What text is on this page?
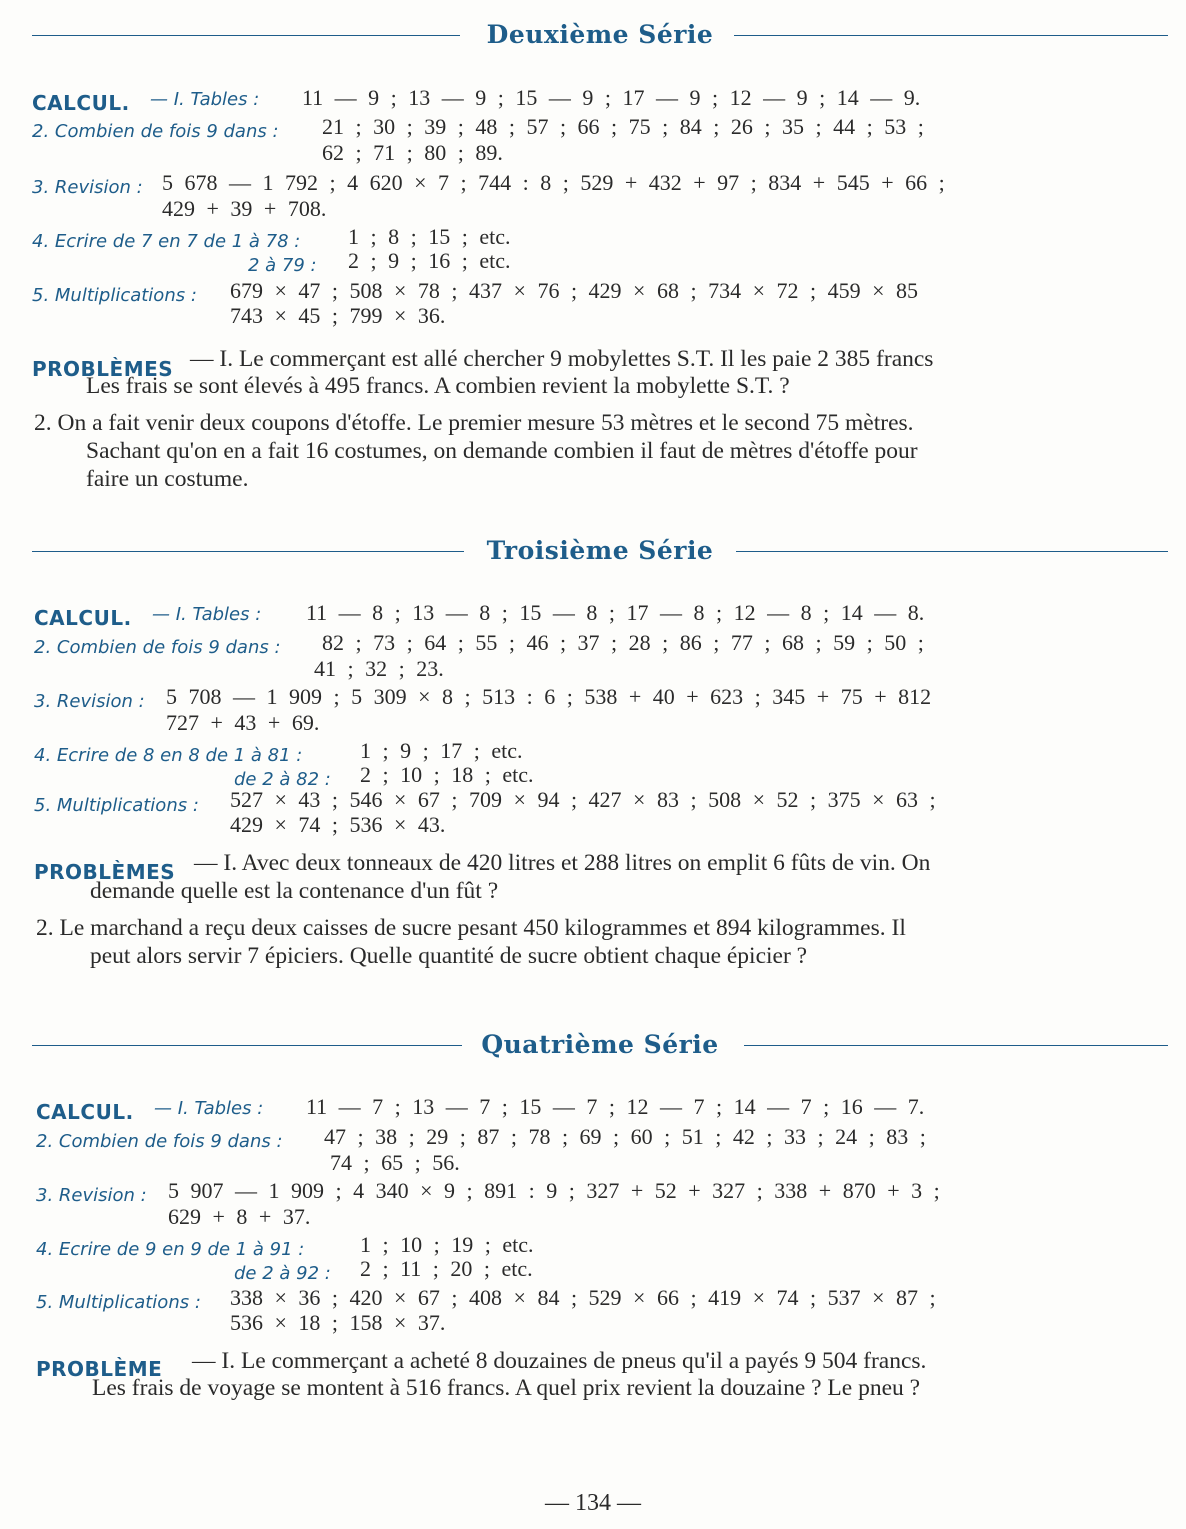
Deuxième Série
CALCUL. — I. Tables : 11 — 9 ; 13 — 9 ; 15 — 9 ; 17 — 9 ; 12 — 9 ; 14 — 9.
2. Combien de fois 9 dans : 21 ; 30 ; 39 ; 48 ; 57 ; 66 ; 75 ; 84 ; 26 ; 35 ; 44 ; 53 ;
62 ; 71 ; 80 ; 89.
3. Revision : 5 678 — 1 792 ; 4 620 × 7 ; 744 : 8 ; 529 + 432 + 97 ; 834 + 545 + 66 ;
429 + 39 + 708.
4. Ecrire de 7 en 7 de 1 à 78 : 1 ; 8 ; 15 ; etc.
2 à 79 : 2 ; 9 ; 16 ; etc.
5. Multiplications : 679 × 47 ; 508 × 78 ; 437 × 76 ; 429 × 68 ; 734 × 72 ; 459 × 85
743 × 45 ; 799 × 36.
PROBLÈMES — I. Le commerçant est allé chercher 9 mobylettes S.T. Il les paie 2 385 francs
Les frais se sont élevés à 495 francs. A combien revient la mobylette S.T. ?
2. On a fait venir deux coupons d'étoffe. Le premier mesure 53 mètres et le second 75 mètres.
Sachant qu'on en a fait 16 costumes, on demande combien il faut de mètres d'étoffe pour
faire un costume.
Troisième Série
CALCUL. — I. Tables : 11 — 8 ; 13 — 8 ; 15 — 8 ; 17 — 8 ; 12 — 8 ; 14 — 8.
2. Combien de fois 9 dans : 82 ; 73 ; 64 ; 55 ; 46 ; 37 ; 28 ; 86 ; 77 ; 68 ; 59 ; 50 ;
41 ; 32 ; 23.
3. Revision : 5 708 — 1 909 ; 5 309 × 8 ; 513 : 6 ; 538 + 40 + 623 ; 345 + 75 + 812
727 + 43 + 69.
4. Ecrire de 8 en 8 de 1 à 81 :	1 ; 9 ; 17 ; etc.
de 2 à 82 : 2 ; 10 ; 18 ; etc.
5. Multiplications : 527 × 43 ; 546 × 67 ; 709 × 94 ; 427 × 83 ; 508 × 52 ; 375 × 63 ;
429 × 74 ; 536 × 43.
PROBLÈMES — I. Avec deux tonneaux de 420 litres et 288 litres on emplit 6 fûts de vin. On
demande quelle est la contenance d'un fût ?
2. Le marchand a reçu deux caisses de sucre pesant 450 kilogrammes et 894 kilogrammes. Il
peut alors servir 7 épiciers. Quelle quantité de sucre obtient chaque épicier ?
Quatrième Série
CALCUL. — I. Tables : 11 — 7 ; 13 — 7 ; 15 — 7 ; 12 — 7 ; 14 — 7 ; 16 — 7.
2. Combien de fois 9 dans : 47 ; 38 ; 29 ; 87 ; 78 ; 69 ; 60 ; 51 ; 42 ; 33 ; 24 ; 83 ;
74 ; 65 ; 56.
3. Revision : 5 907 — 1 909 ; 4 340 × 9 ; 891 : 9 ; 327 + 52 + 327 ; 338 + 870 + 3 ;
629 + 8 + 37.
4. Ecrire de 9 en 9 de 1 à 91 :	1 ; 10 ; 19 ; etc.
de 2 à 92 : 2 ; 11 ; 20 ; etc.
5. Multiplications : 338 × 36 ; 420 × 67 ; 408 × 84 ; 529 × 66 ; 419 × 74 ; 537 × 87 ;
536 × 18 ; 158 × 37.
PROBLÈME — I. Le commerçant a acheté 8 douzaines de pneus qu'il a payés 9 504 francs.
Les frais de voyage se montent à 516 francs. A quel prix revient la douzaine ? Le pneu ?
— 134 —
